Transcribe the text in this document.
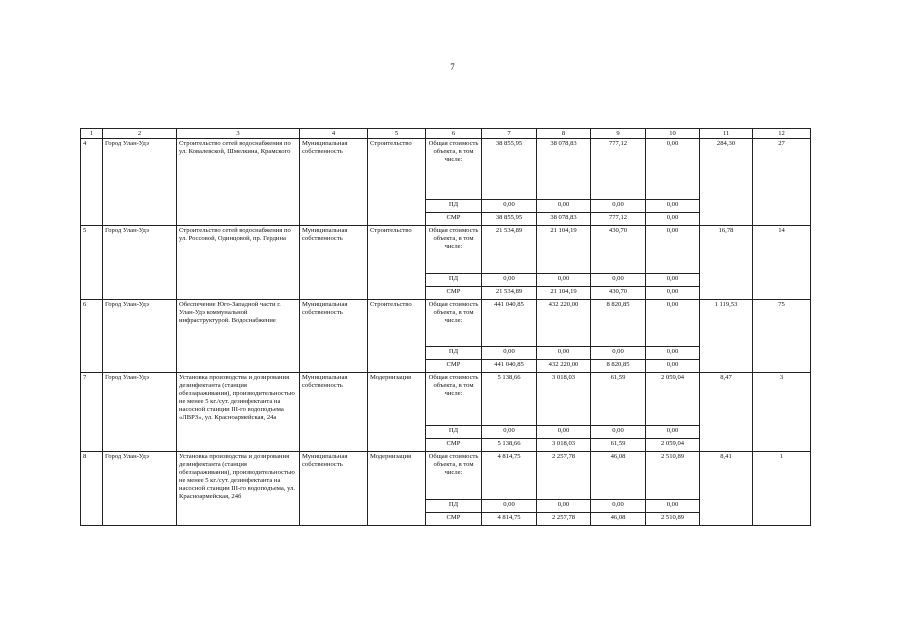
7
1	2	3	4	5	6	7	8	9	10	11	12
4	Город Улан-Удэ	Строительство сетей водоснабжения по ул. Ковалевской, Шмелкина, Крамского	Муниципальная собственность	Строительство	Общая стоимость объекта, в том числе:	38 855,95	38 078,83	777,12	0,00	284,30	27
					ПД	0,00	0,00	0,00	0,00		
					СМР	38 855,95	38 078,83	777,12	0,00		
5	Город Улан-Удэ	Строительство сетей водоснабжения по ул. Россовой, Одинцовой, пр. Гердина	Муниципальная собственность	Строительство	Общая стоимость объекта, в том числе:	21 534,89	21 104,19	430,70	0,00	16,78	14
					ПД	0,00	0,00	0,00	0,00		
					СМР	21 534,89	21 104,19	430,70	0,00		
6	Город Улан-Удэ	Обеспечение Юго-Западной части г. Улан-Удэ коммунальной инфраструктурой. Водоснабжение	Муниципальная собственность	Строительство	Общая стоимость объекта, в том числе:	441 040,85	432 220,00	8 820,85	0,00	1 119,53	75
					ПД	0,00	0,00	0,00	0,00		
					СМР	441 040,85	432 220,00	8 820,85	0,00		
7	Город Улан-Удэ	Установка производства и дозирования дезинфектанта (станция обеззараживания), производительностью не менее 5 кг./сут. дезинфектанта на насосной станции III-го водоподъема «ЛВРЗ», ул. Красноармейская, 24а	Муниципальная собственность	Модернизация	Общая стоимость объекта, в том числе:	5 138,66	3 018,03	61,59	2 059,04	8,47	3
					ПД	0,00	0,00	0,00	0,00		
					СМР	5 138,66	3 018,03	61,59	2 059,04		
8	Город Улан-Удэ	Установка производства и дозирования дезинфектанта (станция обеззараживания), производительностью не менее 5 кг./сут. дезинфектанта на насосной станции III-го водоподъема, ул. Красноармейская, 24б	Муниципальная собственность	Модернизация	Общая стоимость объекта, в том числе:	4 814,75	2 257,78	46,08	2 510,89	8,41	1
					ПД	0,00	0,00	0,00	0,00		
					СМР	4 814,75	2 257,78	46,08	2 510,89		
